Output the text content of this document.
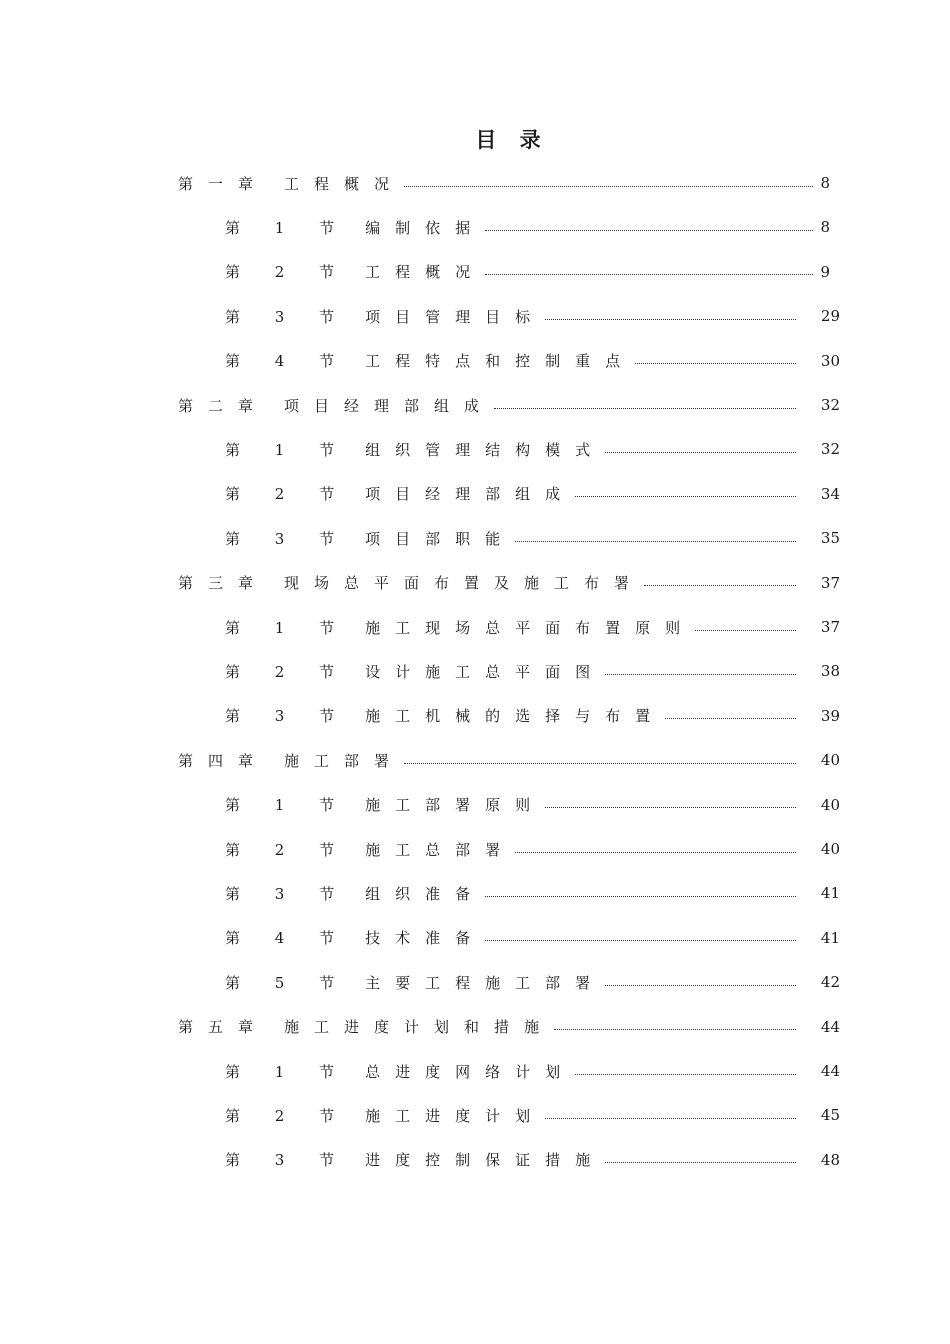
目 录
第一章 工程概况	8
第 1 节 编制依据	8
第 2 节 工程概况	9
第 3 节 项目管理目标	29
第 4 节 工程特点和控制重点	30
第二章 项目经理部组成	32
第 1 节 组织管理结构模式	32
第 2 节 项目经理部组成	34
第 3 节 项目部职能	35
第三章 现场总平面布置及施工布署	37
第 1 节 施工现场总平面布置原则	37
第 2 节 设计施工总平面图	38
第 3 节 施工机械的选择与布置	39
第四章 施工部署	40
第 1 节 施工部署原则	40
第 2 节 施工总部署	40
第 3 节 组织准备	41
第 4 节 技术准备	41
第 5 节 主要工程施工部署	42
第五章 施工进度计划和措施	44
第 1 节 总进度网络计划	44
第 2 节 施工进度计划	45
第 3 节 进度控制保证措施	48
